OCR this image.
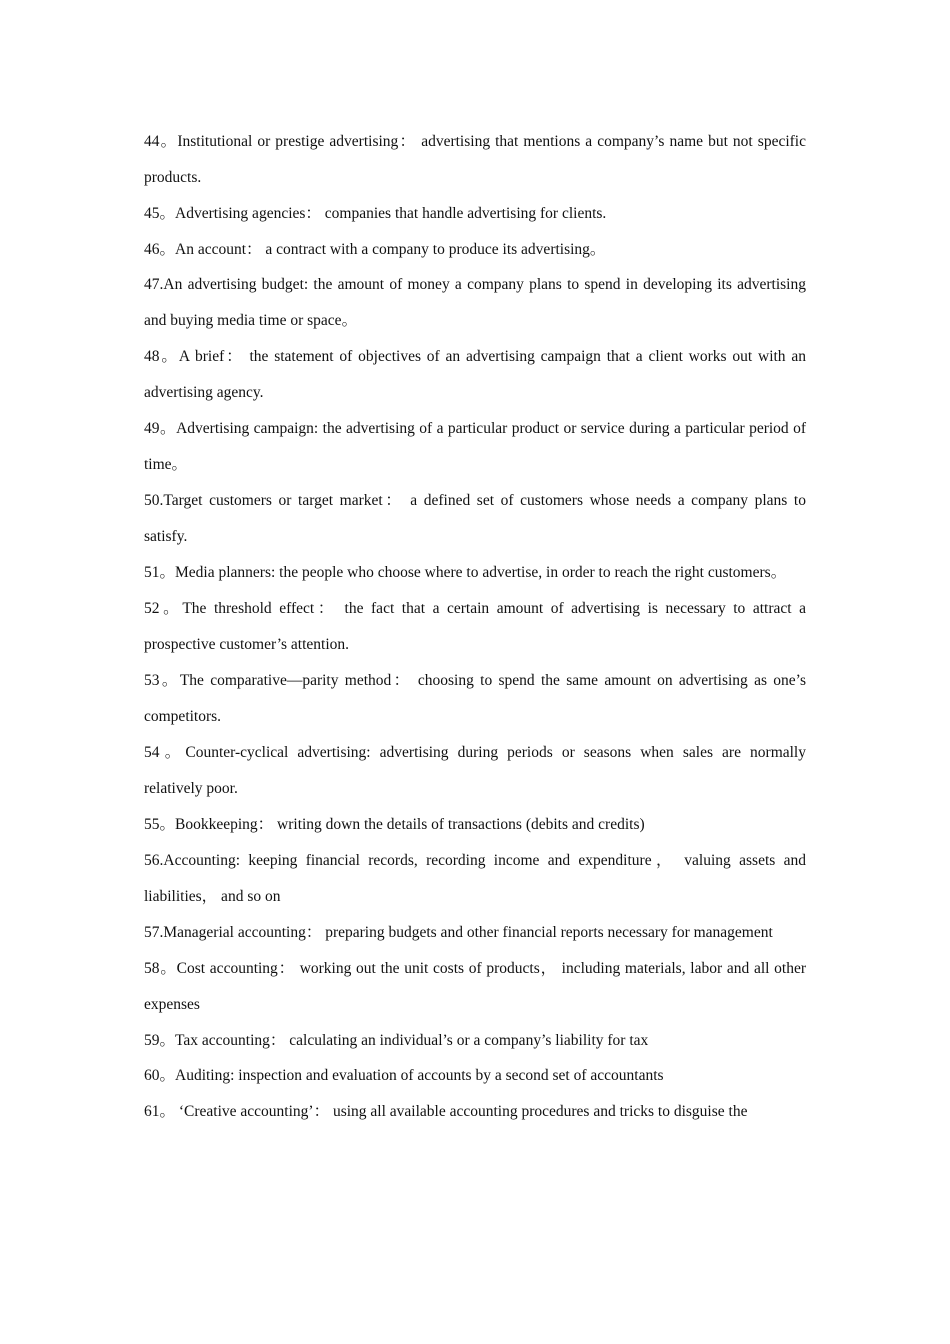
44。Institutional or prestige advertising： advertising that mentions a company’s name but not specific products.

45。Advertising agencies： companies that handle advertising for clients.

46。An account： a contract with a company to produce its advertising。

47.An advertising budget: the amount of money a company plans to spend in developing its advertising and buying media time or space。

48。A brief： the statement of objectives of an advertising campaign that a client works out with an advertising agency.

49。Advertising campaign: the advertising of a particular product or service during a particular period of time。

50.Target customers or target market： a defined set of customers whose needs a company plans to satisfy.

51。Media planners: the people who choose where to advertise, in order to reach the right customers。

52。The threshold effect： the fact that a certain amount of advertising is necessary to attract a prospective customer’s attention.

53。The comparative—parity method： choosing to spend the same amount on advertising as one’s competitors.

54。Counter-cyclical advertising: advertising during periods or seasons when sales are normally relatively poor.

55。Bookkeeping： writing down the details of transactions (debits and credits)

56.Accounting: keeping financial records, recording income and expenditure， valuing assets and liabilities， and so on

57.Managerial accounting： preparing budgets and other financial reports necessary for management

58。Cost accounting： working out the unit costs of products， including materials, labor and all other expenses

59。Tax accounting： calculating an individual’s or a company’s liability for tax

60。Auditing: inspection and evaluation of accounts by a second set of accountants

61。 ‘Creative accounting’： using all available accounting procedures and tricks to disguise the
